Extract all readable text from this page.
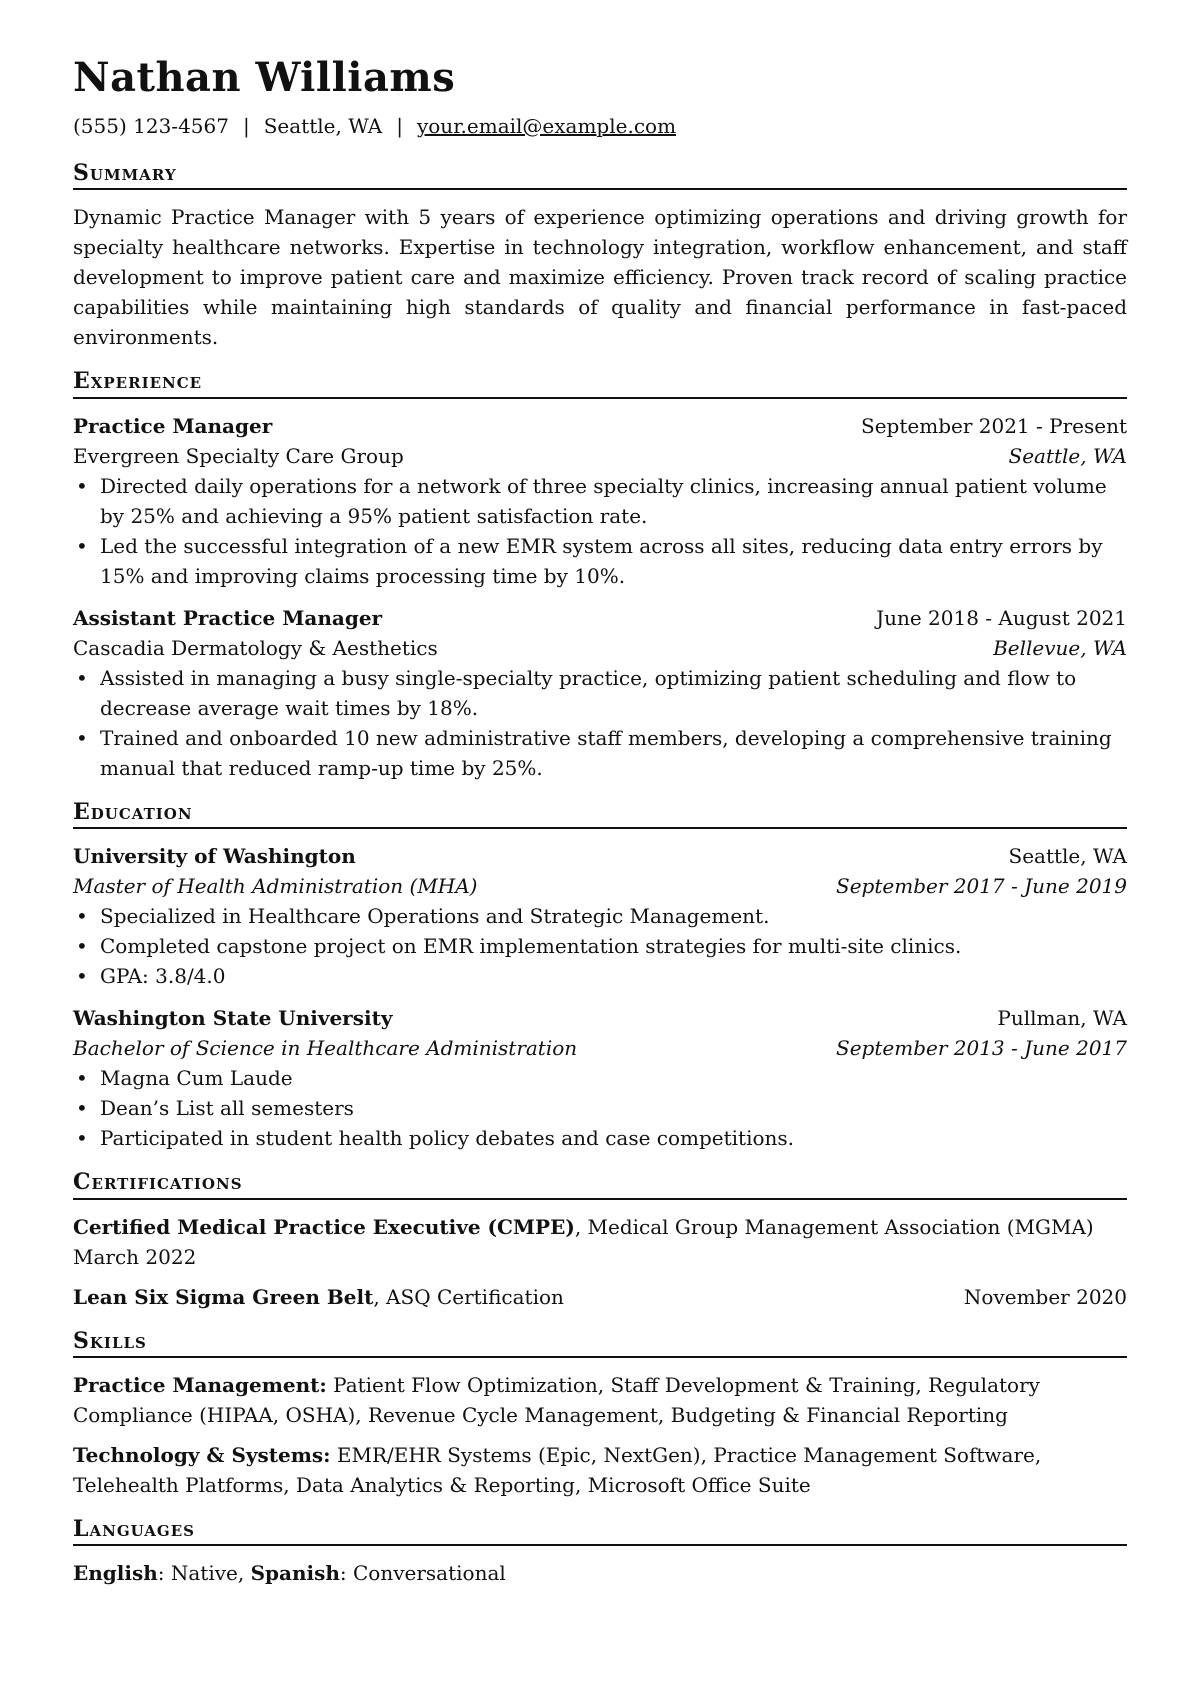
Nathan Williams
(555) 123-4567 | Seattle, WA | your.email@example.com
Summary

Dynamic Practice Manager with 5 years of experience optimizing operations and driving growth for specialty healthcare networks. Expertise in technology integration, workflow enhancement, and staff development to improve patient care and maximize efficiency. Proven track record of scaling practice capabilities while maintaining high standards of quality and financial performance in fast-paced environments.

Experience
Practice Manager	September 2021 - Present
Evergreen Specialty Care Group	Seattle, WA
• Directed daily operations for a network of three specialty clinics, increasing annual patient volume by 25% and achieving a 95% patient satisfaction rate.
• Led the successful integration of a new EMR system across all sites, reducing data entry errors by 15% and improving claims processing time by 10%.
Assistant Practice Manager	June 2018 - August 2021
Cascadia Dermatology & Aesthetics	Bellevue, WA
• Assisted in managing a busy single-specialty practice, optimizing patient scheduling and flow to decrease average wait times by 18%.
• Trained and onboarded 10 new administrative staff members, developing a comprehensive training manual that reduced ramp-up time by 25%.
Education
University of Washington	Seattle, WA
Master of Health Administration (MHA)	September 2017 - June 2019
• Specialized in Healthcare Operations and Strategic Management.
• Completed capstone project on EMR implementation strategies for multi-site clinics.
• GPA: 3.8/4.0
Washington State University	Pullman, WA
Bachelor of Science in Healthcare Administration	September 2013 - June 2017
• Magna Cum Laude
• Dean’s List all semesters
• Participated in student health policy debates and case competitions.
Certifications
Certified Medical Practice Executive (CMPE), Medical Group Management Association (MGMA)
March 2022
Lean Six Sigma Green Belt, ASQ Certification	November 2020
Skills

Practice Management: Patient Flow Optimization, Staff Development & Training, Regulatory Compliance (HIPAA, OSHA), Revenue Cycle Management, Budgeting & Financial Reporting

Technology & Systems: EMR/EHR Systems (Epic, NextGen), Practice Management Software, Telehealth Platforms, Data Analytics & Reporting, Microsoft Office Suite

Languages

English: Native, Spanish: Conversational
